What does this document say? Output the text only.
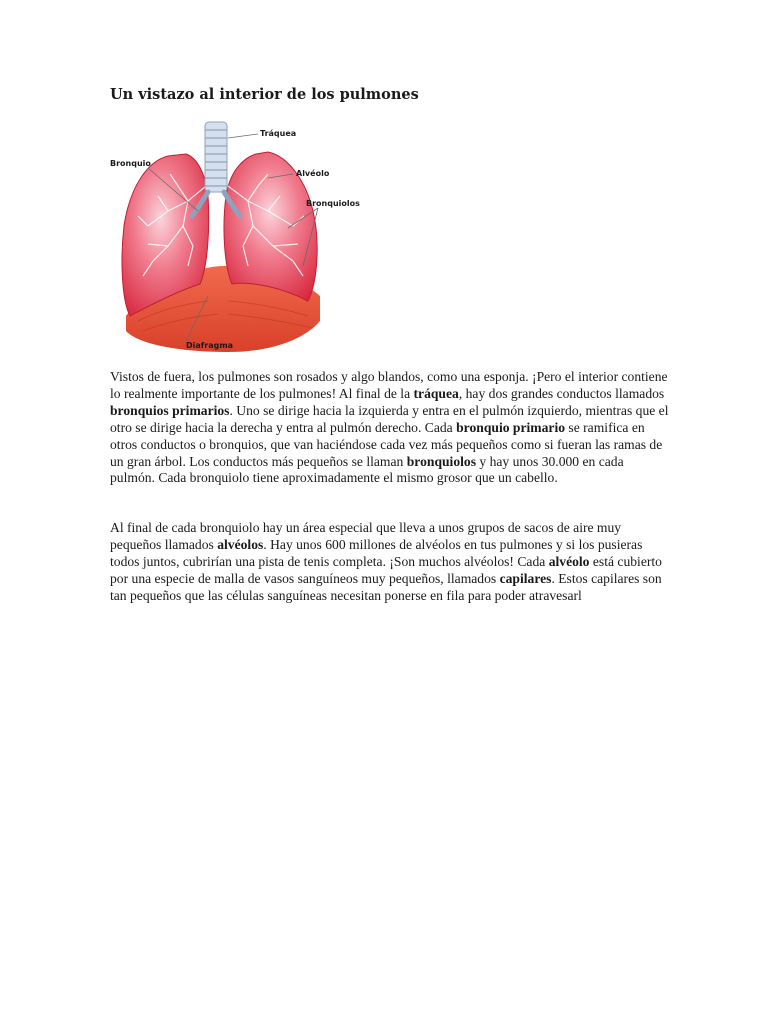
Un vistazo al interior de los pulmones
Tráquea
Bronquio
Alvéolo
Bronquiolos
Diafragma

Vistos de fuera, los pulmones son rosados y algo blandos, como una esponja. ¡Pero el interior contiene lo realmente importante de los pulmones! Al final de la tráquea, hay dos grandes conductos llamados bronquios primarios. Uno se dirige hacia la izquierda y entra en el pulmón izquierdo, mientras que el otro se dirige hacia la derecha y entra al pulmón derecho. Cada bronquio primario se ramifica en otros conductos o bronquios, que van haciéndose cada vez más pequeños como si fueran las ramas de un gran árbol. Los conductos más pequeños se llaman bronquiolos y hay unos 30.000 en cada pulmón. Cada bronquiolo tiene aproximadamente el mismo grosor que un cabello.

Al final de cada bronquiolo hay un área especial que lleva a unos grupos de sacos de aire muy pequeños llamados alvéolos. Hay unos 600 millones de alvéolos en tus pulmones y si los pusieras todos juntos, cubrirían una pista de tenis completa. ¡Son muchos alvéolos! Cada alvéolo está cubierto por una especie de malla de vasos sanguíneos muy pequeños, llamados capilares. Estos capilares son tan pequeños que las células sanguíneas necesitan ponerse en fila para poder atravesarl
